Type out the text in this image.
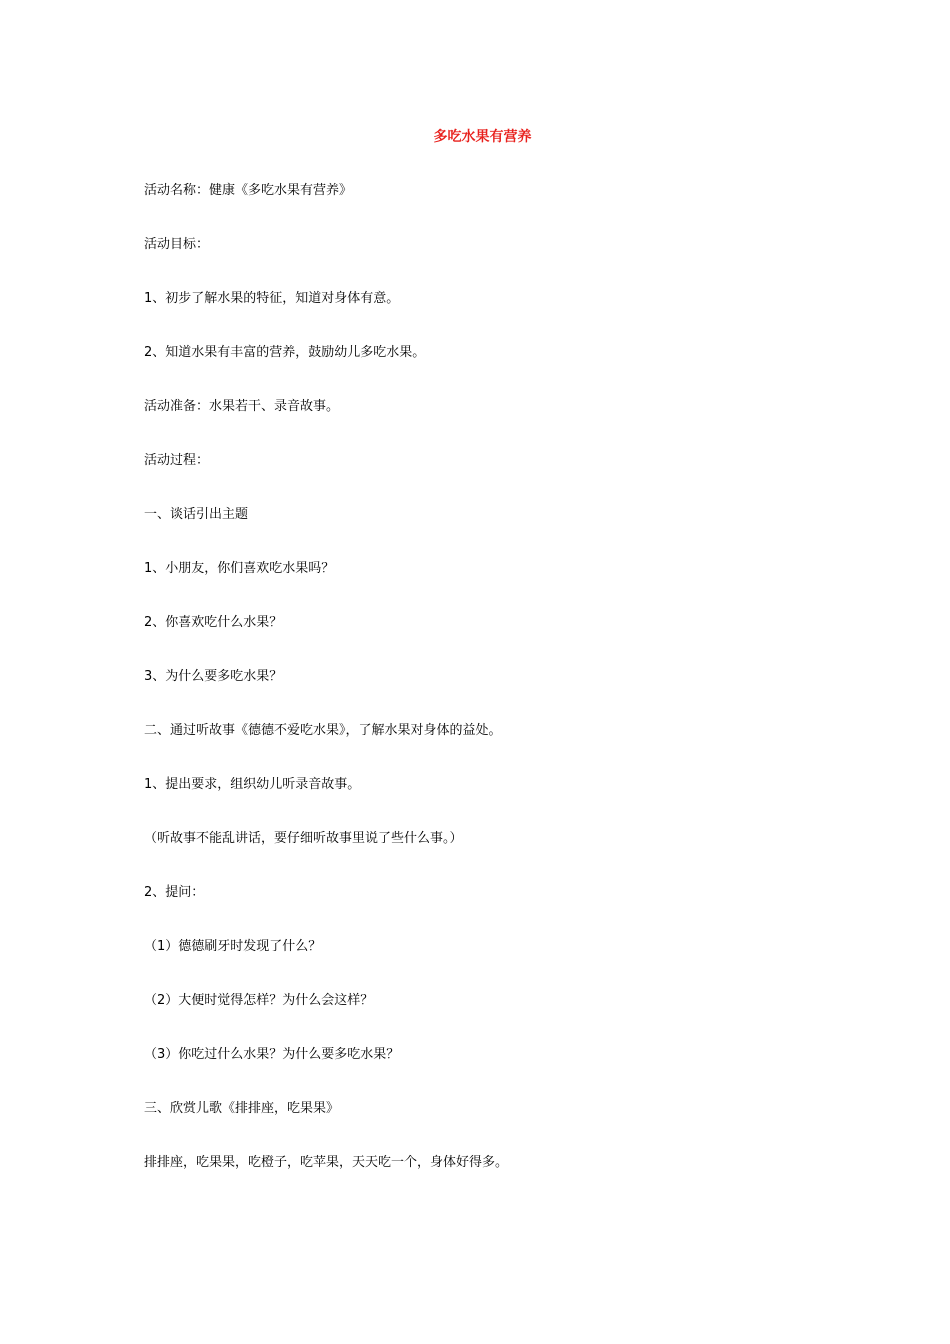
多吃水果有营养
活动名称：健康《多吃水果有营养》
活动目标：
1、初步了解水果的特征，知道对身体有意。
2、知道水果有丰富的营养，鼓励幼儿多吃水果。
活动准备：水果若干、录音故事。
活动过程：
一、谈话引出主题
1、小朋友，你们喜欢吃水果吗？
2、你喜欢吃什么水果？
3、为什么要多吃水果？
二、通过听故事《德德不爱吃水果》，了解水果对身体的益处。
1、提出要求，组织幼儿听录音故事。
（听故事不能乱讲话，要仔细听故事里说了些什么事。）
2、提问：
（1）德德刷牙时发现了什么？
（2）大便时觉得怎样？为什么会这样？
（3）你吃过什么水果？为什么要多吃水果？
三、欣赏儿歌《排排座，吃果果》
排排座，吃果果，吃橙子，吃苹果，天天吃一个，身体好得多。
